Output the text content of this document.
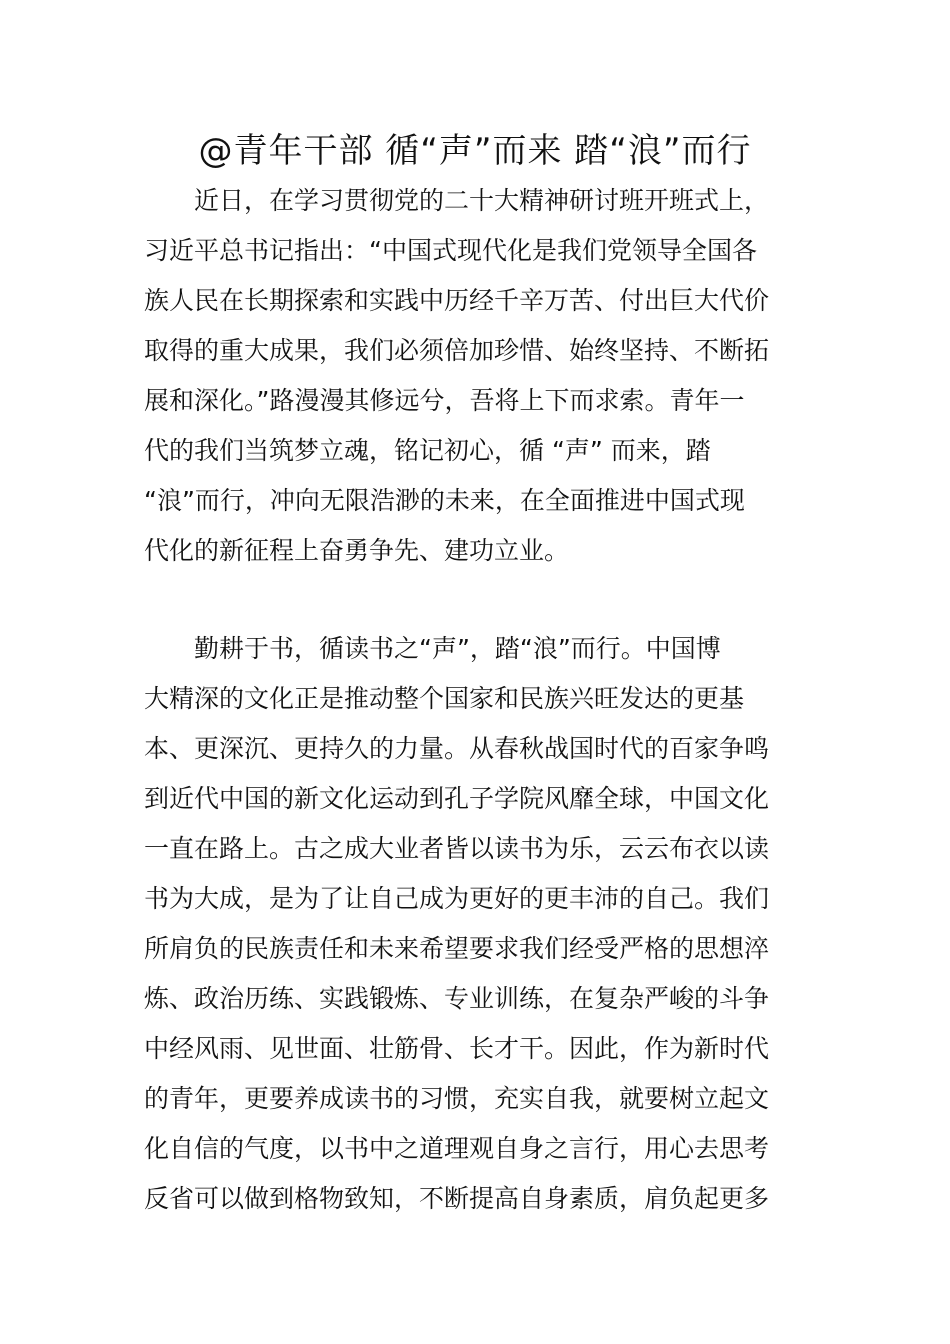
@青年干部 循“声”而来 踏“浪”而行
近日，在学习贯彻党的二十大精神研讨班开班式上，
习近平总书记指出：“中国式现代化是我们党领导全国各
族人民在长期探索和实践中历经千辛万苦、付出巨大代价
取得的重大成果，我们必须倍加珍惜、始终坚持、不断拓
展和深化。”路漫漫其修远兮，吾将上下而求索。青年一
代的我们当筑梦立魂，铭记初心，循 “声” 而来，踏
“浪”而行，冲向无限浩渺的未来，在全面推进中国式现
代化的新征程上奋勇争先、建功立业。
勤耕于书，循读书之“声”，踏“浪”而行。中国博
大精深的文化正是推动整个国家和民族兴旺发达的更基
本、更深沉、更持久的力量。从春秋战国时代的百家争鸣
到近代中国的新文化运动到孔子学院风靡全球，中国文化
一直在路上。古之成大业者皆以读书为乐，云云布衣以读
书为大成，是为了让自己成为更好的更丰沛的自己。我们
所肩负的民族责任和未来希望要求我们经受严格的思想淬
炼、政治历练、实践锻炼、专业训练，在复杂严峻的斗争
中经风雨、见世面、壮筋骨、长才干。因此，作为新时代
的青年，更要养成读书的习惯，充实自我，就要树立起文
化自信的气度，以书中之道理观自身之言行，用心去思考
反省可以做到格物致知，不断提高自身素质，肩负起更多
